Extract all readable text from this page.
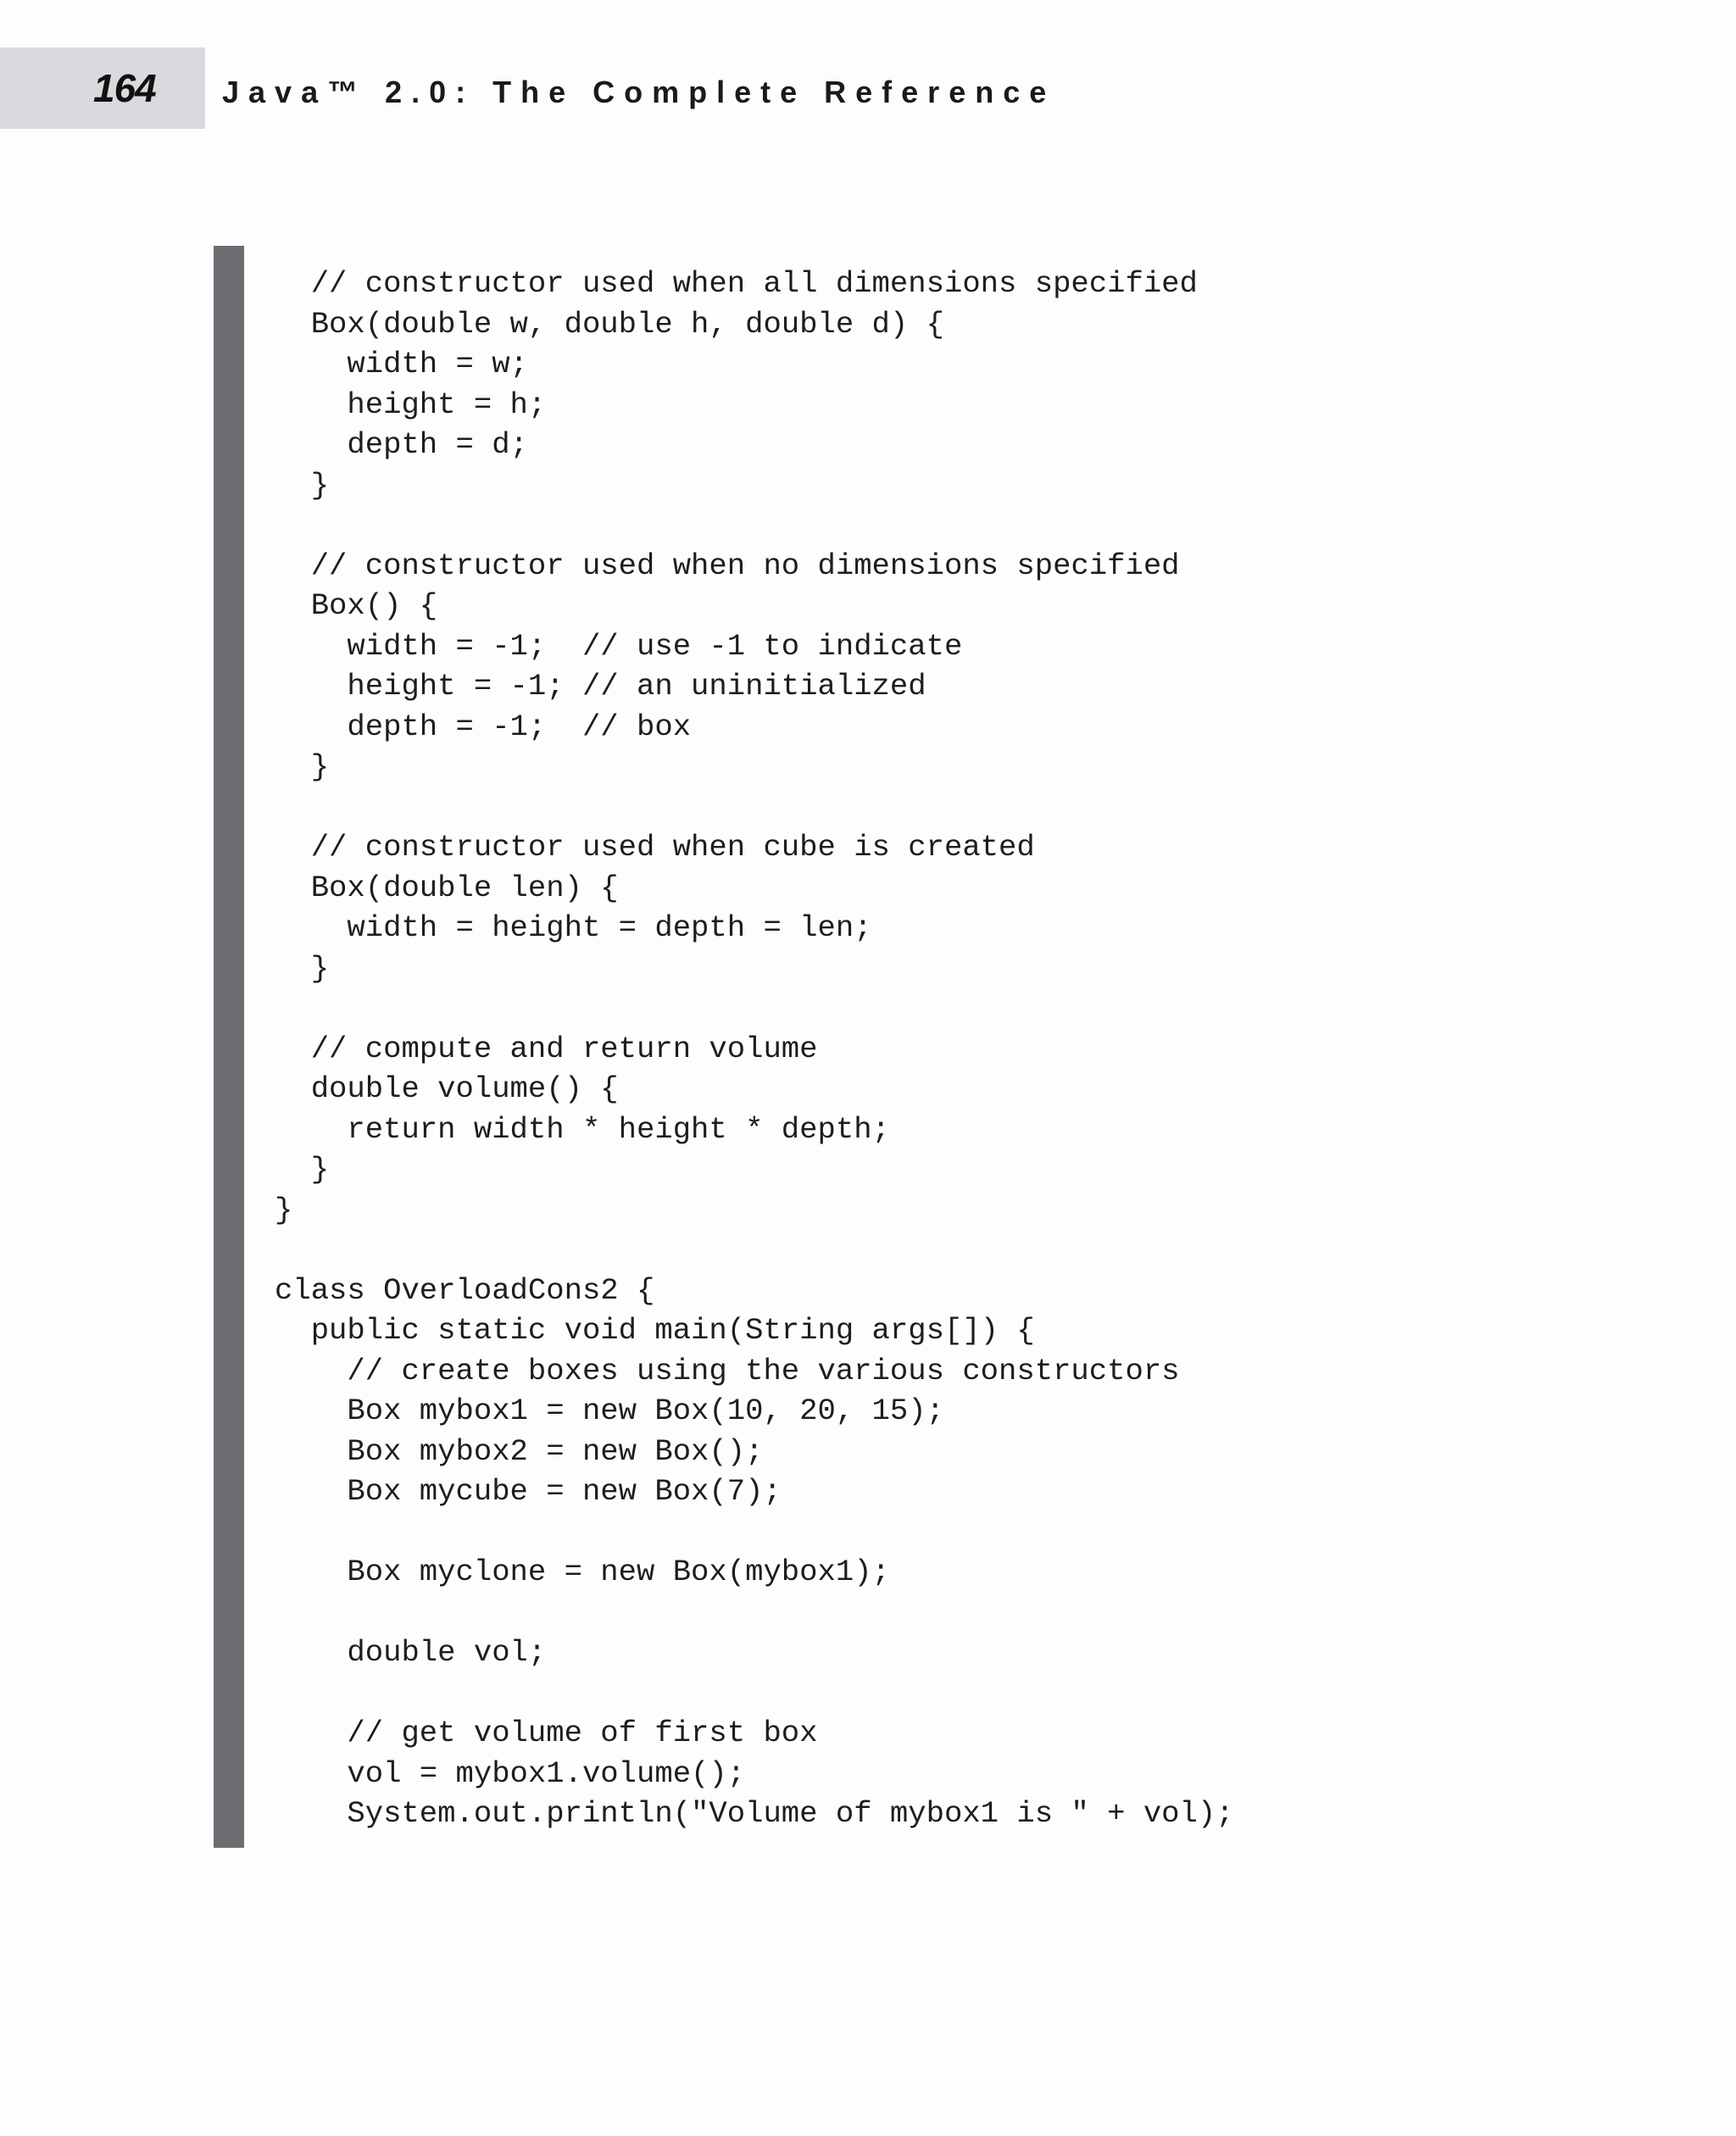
164 Java™ 2.0: The Complete Reference
// constructor used when all dimensions specified
Box(double w, double h, double d) {
width = w;
height = h;
depth = d;
}
// constructor used when no dimensions specified
Box() {
width = -1;  // use -1 to indicate
height = -1; // an uninitialized
depth = -1;  // box
}
// constructor used when cube is created
Box(double len) {
width = height = depth = len;
}
// compute and return volume
double volume() {
return width * height * depth;
}
}
class OverloadCons2 {
public static void main(String args[]) {
// create boxes using the various constructors
Box mybox1 = new Box(10, 20, 15);
Box mybox2 = new Box();
Box mycube = new Box(7);
Box myclone = new Box(mybox1);
double vol;
// get volume of first box
vol = mybox1.volume();
System.out.println("Volume of mybox1 is " + vol);
